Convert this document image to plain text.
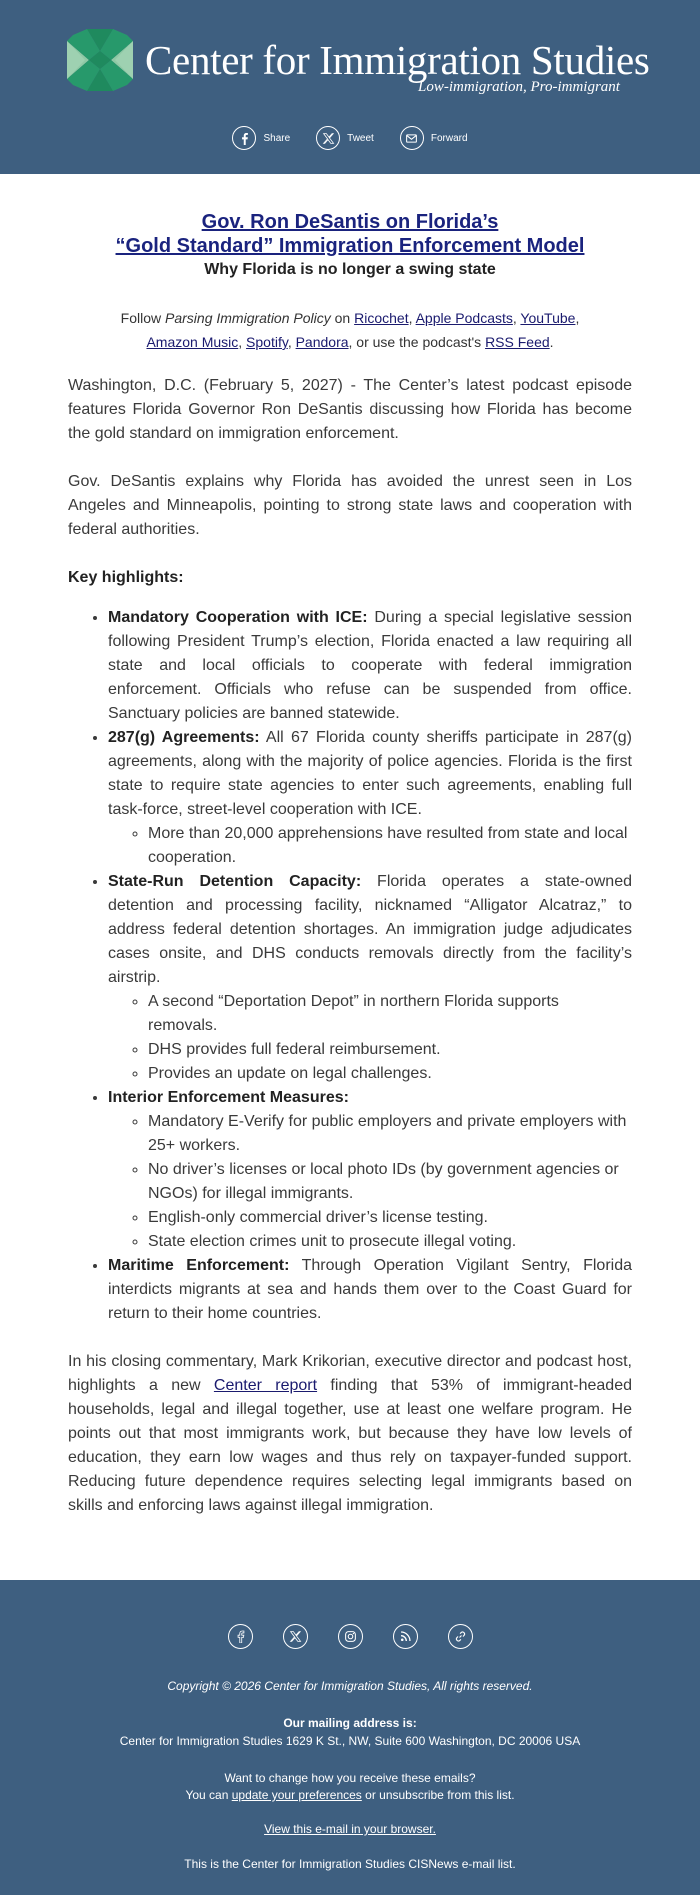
Center for Immigration Studies
Low-immigration, Pro-immigrant
Share	Tweet	Forward
Gov. Ron DeSantis on Florida’s
“Gold Standard” Immigration Enforcement Model
Why Florida is no longer a swing state
Follow Parsing Immigration Policy on Ricochet, Apple Podcasts, YouTube, Amazon Music, Spotify, Pandora, or use the podcast's RSS Feed.

Washington, D.C. (February 5, 2027) - The Center’s latest podcast episode features Florida Governor Ron DeSantis discussing how Florida has become the gold standard on immigration enforcement.

Gov. DeSantis explains why Florida has avoided the unrest seen in Los Angeles and Minneapolis, pointing to strong state laws and cooperation with federal authorities.

Key highlights:
• Mandatory Cooperation with ICE: During a special legislative session following President Trump’s election, Florida enacted a law requiring all state and local officials to cooperate with federal immigration enforcement. Officials who refuse can be suspended from office. Sanctuary policies are banned statewide.
• 287(g) Agreements: All 67 Florida county sheriffs participate in 287(g) agreements, along with the majority of police agencies. Florida is the first state to require state agencies to enter such agreements, enabling full task-force, street-level cooperation with ICE.
◦ More than 20,000 apprehensions have resulted from state and local cooperation.
• State-Run Detention Capacity: Florida operates a state-owned detention and processing facility, nicknamed “Alligator Alcatraz,” to address federal detention shortages. An immigration judge adjudicates cases onsite, and DHS conducts removals directly from the facility’s airstrip.
◦ A second “Deportation Depot” in northern Florida supports removals.
◦ DHS provides full federal reimbursement.
◦ Provides an update on legal challenges.
• Interior Enforcement Measures:
◦ Mandatory E-Verify for public employers and private employers with 25+ workers.
◦ No driver’s licenses or local photo IDs (by government agencies or NGOs) for illegal immigrants.
◦ English-only commercial driver’s license testing.
◦ State election crimes unit to prosecute illegal voting.
• Maritime Enforcement: Through Operation Vigilant Sentry, Florida interdicts migrants at sea and hands them over to the Coast Guard for return to their home countries.

In his closing commentary, Mark Krikorian, executive director and podcast host, highlights a new Center report finding that 53% of immigrant-headed households, legal and illegal together, use at least one welfare program. He points out that most immigrants work, but because they have low levels of education, they earn low wages and thus rely on taxpayer-funded support. Reducing future dependence requires selecting legal immigrants based on skills and enforcing laws against illegal immigration.

Copyright © 2026 Center for Immigration Studies, All rights reserved.
Our mailing address is:
Center for Immigration Studies 1629 K St., NW, Suite 600 Washington, DC 20006 USA
Want to change how you receive these emails?
You can update your preferences or unsubscribe from this list.
View this e-mail in your browser.
This is the Center for Immigration Studies CISNews e-mail list.
